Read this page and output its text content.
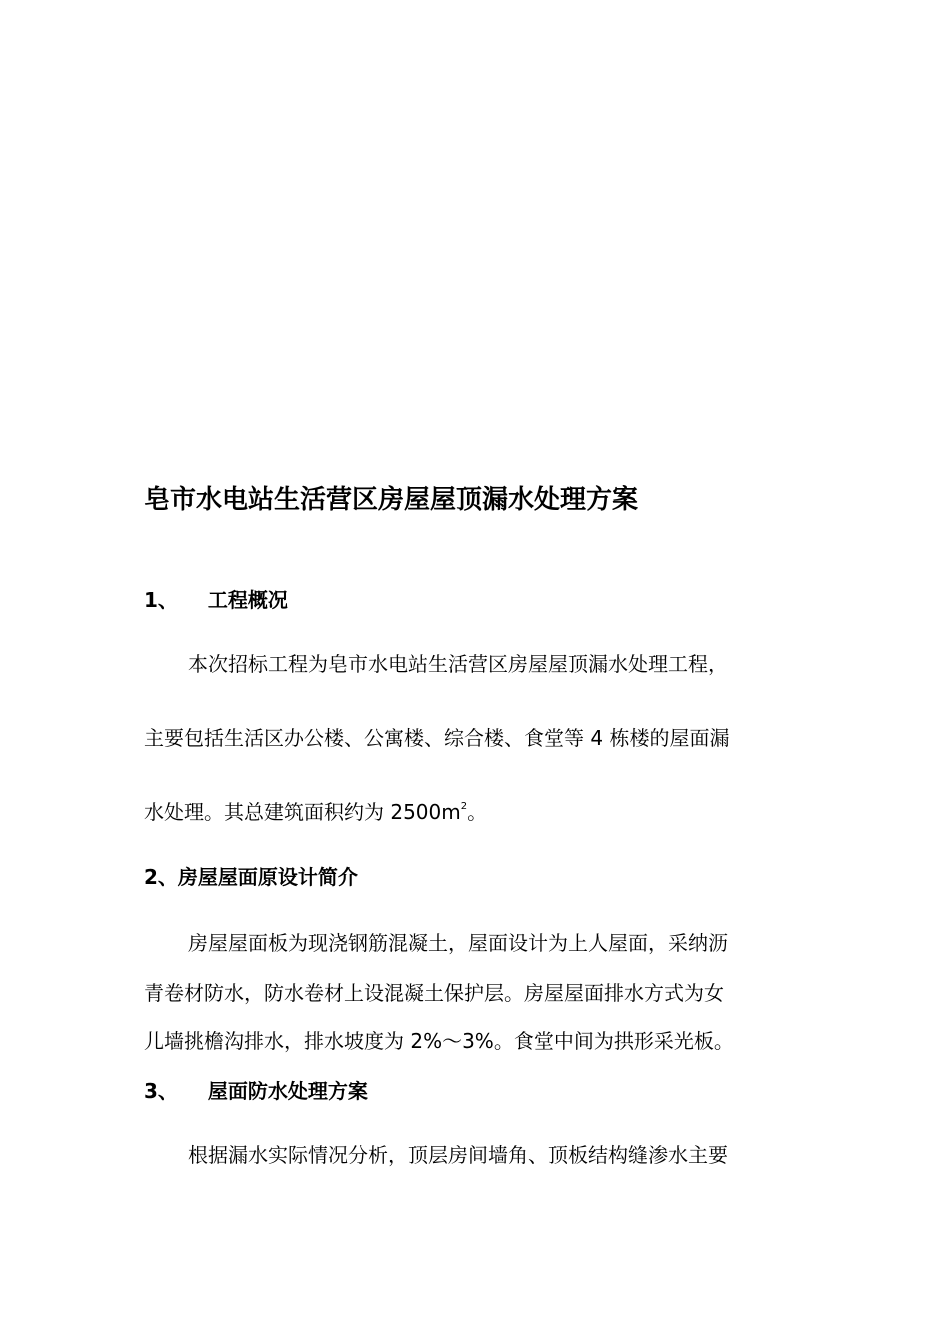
皂市水电站生活营区房屋屋顶漏水处理方案
1、 工程概况
本次招标工程为皂市水电站生活营区房屋屋顶漏水处理工程，
主要包括生活区办公楼、公寓楼、综合楼、食堂等 4 栋楼的屋面漏
水处理。其总建筑面积约为 $2500m^2$。
2、房屋屋面原设计简介
房屋屋面板为现浇钢筋混凝土，屋面设计为上人屋面，采纳沥
青卷材防水，防水卷材上设混凝土保护层。房屋屋面排水方式为女
儿墙挑檐沟排水，排水坡度为 2%～3%。食堂中间为拱形采光板。
3、 屋面防水处理方案
根据漏水实际情况分析，顶层房间墙角、顶板结构缝渗水主要
